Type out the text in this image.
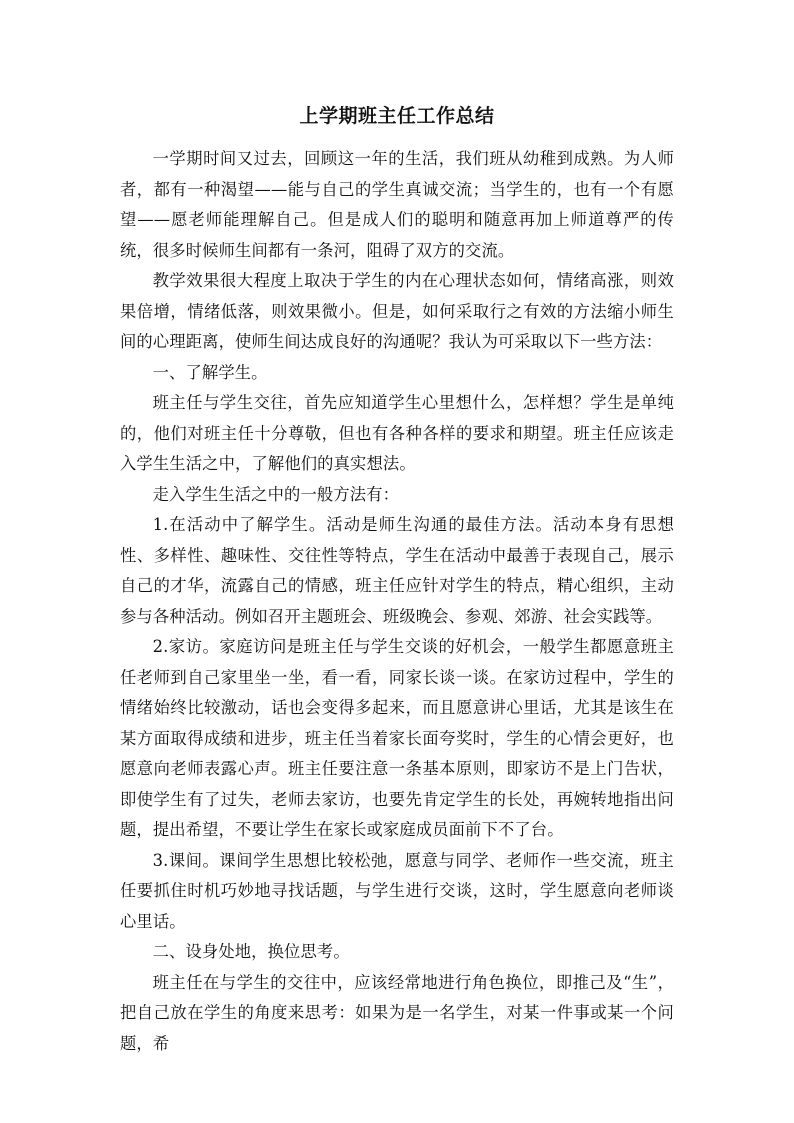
上学期班主任工作总结

一学期时间又过去，回顾这一年的生活，我们班从幼稚到成熟。为人师者，都有一种渴望——能与自己的学生真诚交流；当学生的，也有一个有愿望——愿老师能理解自己。但是成人们的聪明和随意再加上师道尊严的传统，很多时候师生间都有一条河，阻碍了双方的交流。

教学效果很大程度上取决于学生的内在心理状态如何，情绪高涨，则效果倍增，情绪低落，则效果微小。但是，如何采取行之有效的方法缩小师生间的心理距离，使师生间达成良好的沟通呢？我认为可采取以下一些方法：

一、了解学生。

班主任与学生交往，首先应知道学生心里想什么，怎样想？学生是单纯的，他们对班主任十分尊敬，但也有各种各样的要求和期望。班主任应该走入学生生活之中，了解他们的真实想法。

走入学生生活之中的一般方法有：

1.在活动中了解学生。活动是师生沟通的最佳方法。活动本身有思想性、多样性、趣味性、交往性等特点，学生在活动中最善于表现自己，展示自己的才华，流露自己的情感，班主任应针对学生的特点，精心组织，主动参与各种活动。例如召开主题班会、班级晚会、参观、郊游、社会实践等。

2.家访。家庭访问是班主任与学生交谈的好机会，一般学生都愿意班主任老师到自己家里坐一坐，看一看，同家长谈一谈。在家访过程中，学生的情绪始终比较激动，话也会变得多起来，而且愿意讲心里话，尤其是该生在某方面取得成绩和进步，班主任当着家长面夸奖时，学生的心情会更好，也愿意向老师表露心声。班主任要注意一条基本原则，即家访不是上门告状，即使学生有了过失，老师去家访，也要先肯定学生的长处，再婉转地指出问题，提出希望，不要让学生在家长或家庭成员面前下不了台。

3.课间。课间学生思想比较松弛，愿意与同学、老师作一些交流，班主任要抓住时机巧妙地寻找话题，与学生进行交谈，这时，学生愿意向老师谈心里话。

二、设身处地，换位思考。

班主任在与学生的交往中，应该经常地进行角色换位，即推己及“生”，把自己放在学生的角度来思考：如果为是一名学生，对某一件事或某一个问题，希
